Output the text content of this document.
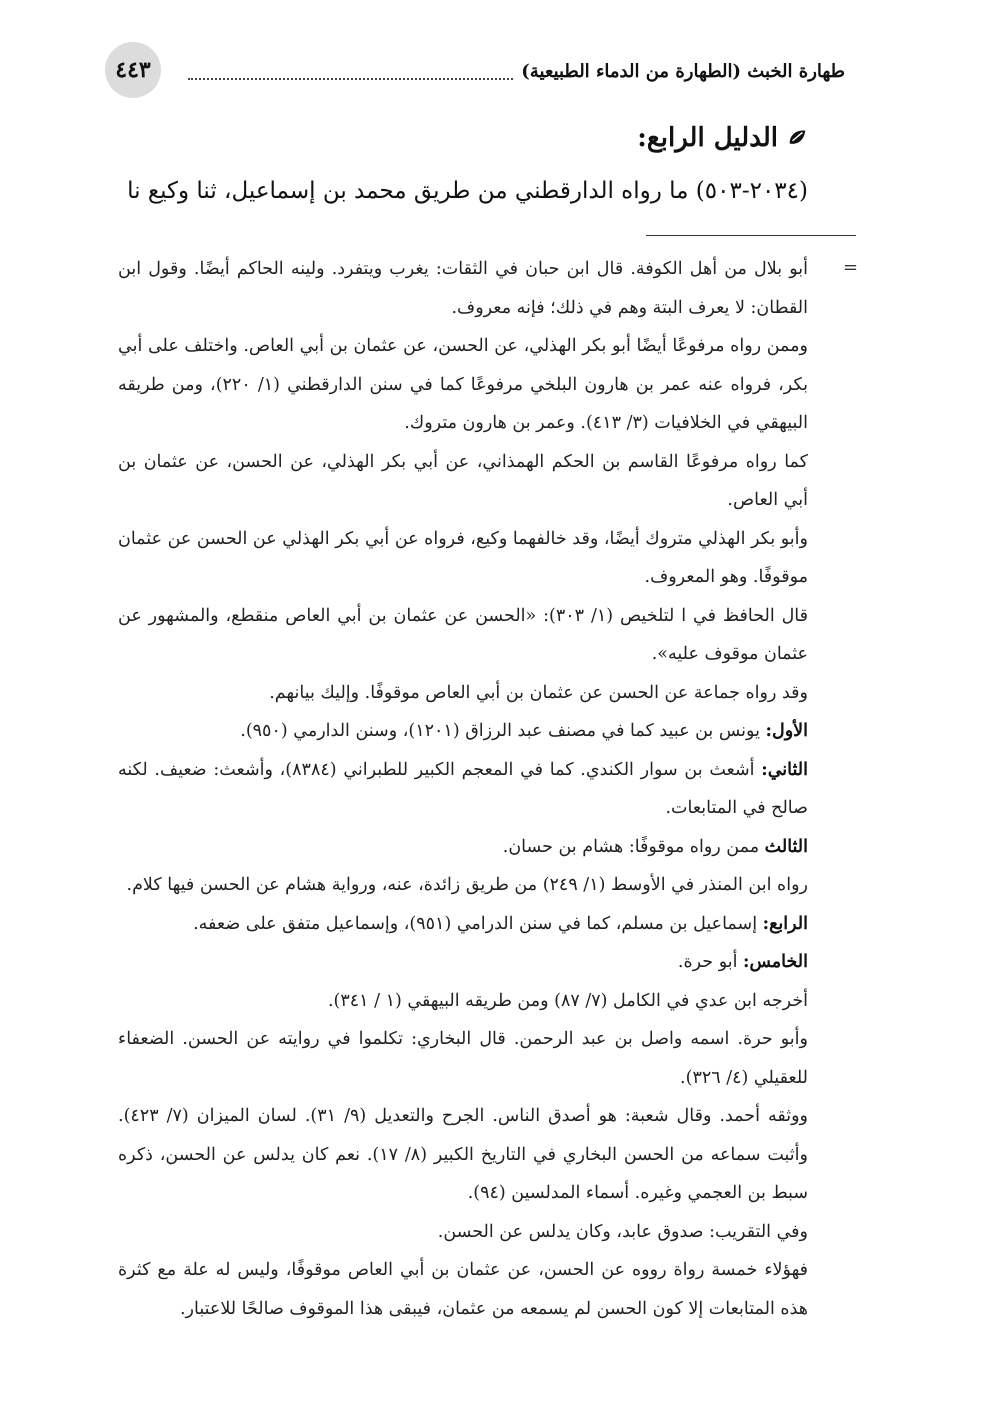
٤٤٣	طهارة الخبث (الطهارة من الدماء الطبيعية)
الدليل الرابع:
(٢٠٣٤-٥٠٣) ما رواه الدارقطني من طريق محمد بن إسماعيل، ثنا وكيع نا
=

أبو بلال من أهل الكوفة. قال ابن حبان في الثقات: يغرب ويتفرد. ولينه الحاكم أيضًا. وقول ابن القطان: لا يعرف البتة وهم في ذلك؛ فإنه معروف.

وممن رواه مرفوعًا أيضًا أبو بكر الهذلي، عن الحسن، عن عثمان بن أبي العاص. واختلف على أبي بكر، فرواه عنه عمر بن هارون البلخي مرفوعًا كما في سنن الدارقطني (١/ ٢٢٠)، ومن طريقه البيهقي في الخلافيات (٣/ ٤١٣). وعمر بن هارون متروك.

كما رواه مرفوعًا القاسم بن الحكم الهمذاني، عن أبي بكر الهذلي، عن الحسن، عن عثمان بن أبي العاص.

وأبو بكر الهذلي متروك أيضًا، وقد خالفهما وكيع، فرواه عن أبي بكر الهذلي عن الحسن عن عثمان موقوفًا. وهو المعروف.

قال الحافظ في ا لتلخيص (١/ ٣٠٣): «الحسن عن عثمان بن أبي العاص منقطع، والمشهور عن عثمان موقوف عليه».

وقد رواه جماعة عن الحسن عن عثمان بن أبي العاص موقوفًا. وإليك بيانهم.

الأول: يونس بن عبيد كما في مصنف عبد الرزاق (١٢٠١)، وسنن الدارمي (٩٥٠).

الثاني: أشعث بن سوار الكندي. كما في المعجم الكبير للطبراني (٨٣٨٤)، وأشعث: ضعيف. لكنه صالح في المتابعات.

الثالث ممن رواه موقوفًا: هشام بن حسان.

رواه ابن المنذر في الأوسط (١/ ٢٤٩) من طريق زائدة، عنه، ورواية هشام عن الحسن فيها كلام.

الرابع: إسماعيل بن مسلم، كما في سنن الدرامي (٩٥١)، وإسماعيل متفق على ضعفه.

الخامس: أبو حرة.

أخرجه ابن عدي في الكامل (٧/ ٨٧) ومن طريقه البيهقي (١ / ٣٤١).

وأبو حرة. اسمه واصل بن عبد الرحمن. قال البخاري: تكلموا في روايته عن الحسن. الضعفاء للعقيلي (٤/ ٣٢٦).

ووثقه أحمد. وقال شعبة: هو أصدق الناس. الجرح والتعديل (٩/ ٣١). لسان الميزان (٧/ ٤٢٣). وأثبت سماعه من الحسن البخاري في التاريخ الكبير (٨/ ١٧). نعم كان يدلس عن الحسن، ذكره سبط بن العجمي وغيره. أسماء المدلسين (٩٤).

وفي التقريب: صدوق عابد، وكان يدلس عن الحسن.

فهؤلاء خمسة رواة رووه عن الحسن، عن عثمان بن أبي العاص موقوفًا، وليس له علة مع كثرة هذه المتابعات إلا كون الحسن لم يسمعه من عثمان، فيبقى هذا الموقوف صالحًا للاعتبار.
